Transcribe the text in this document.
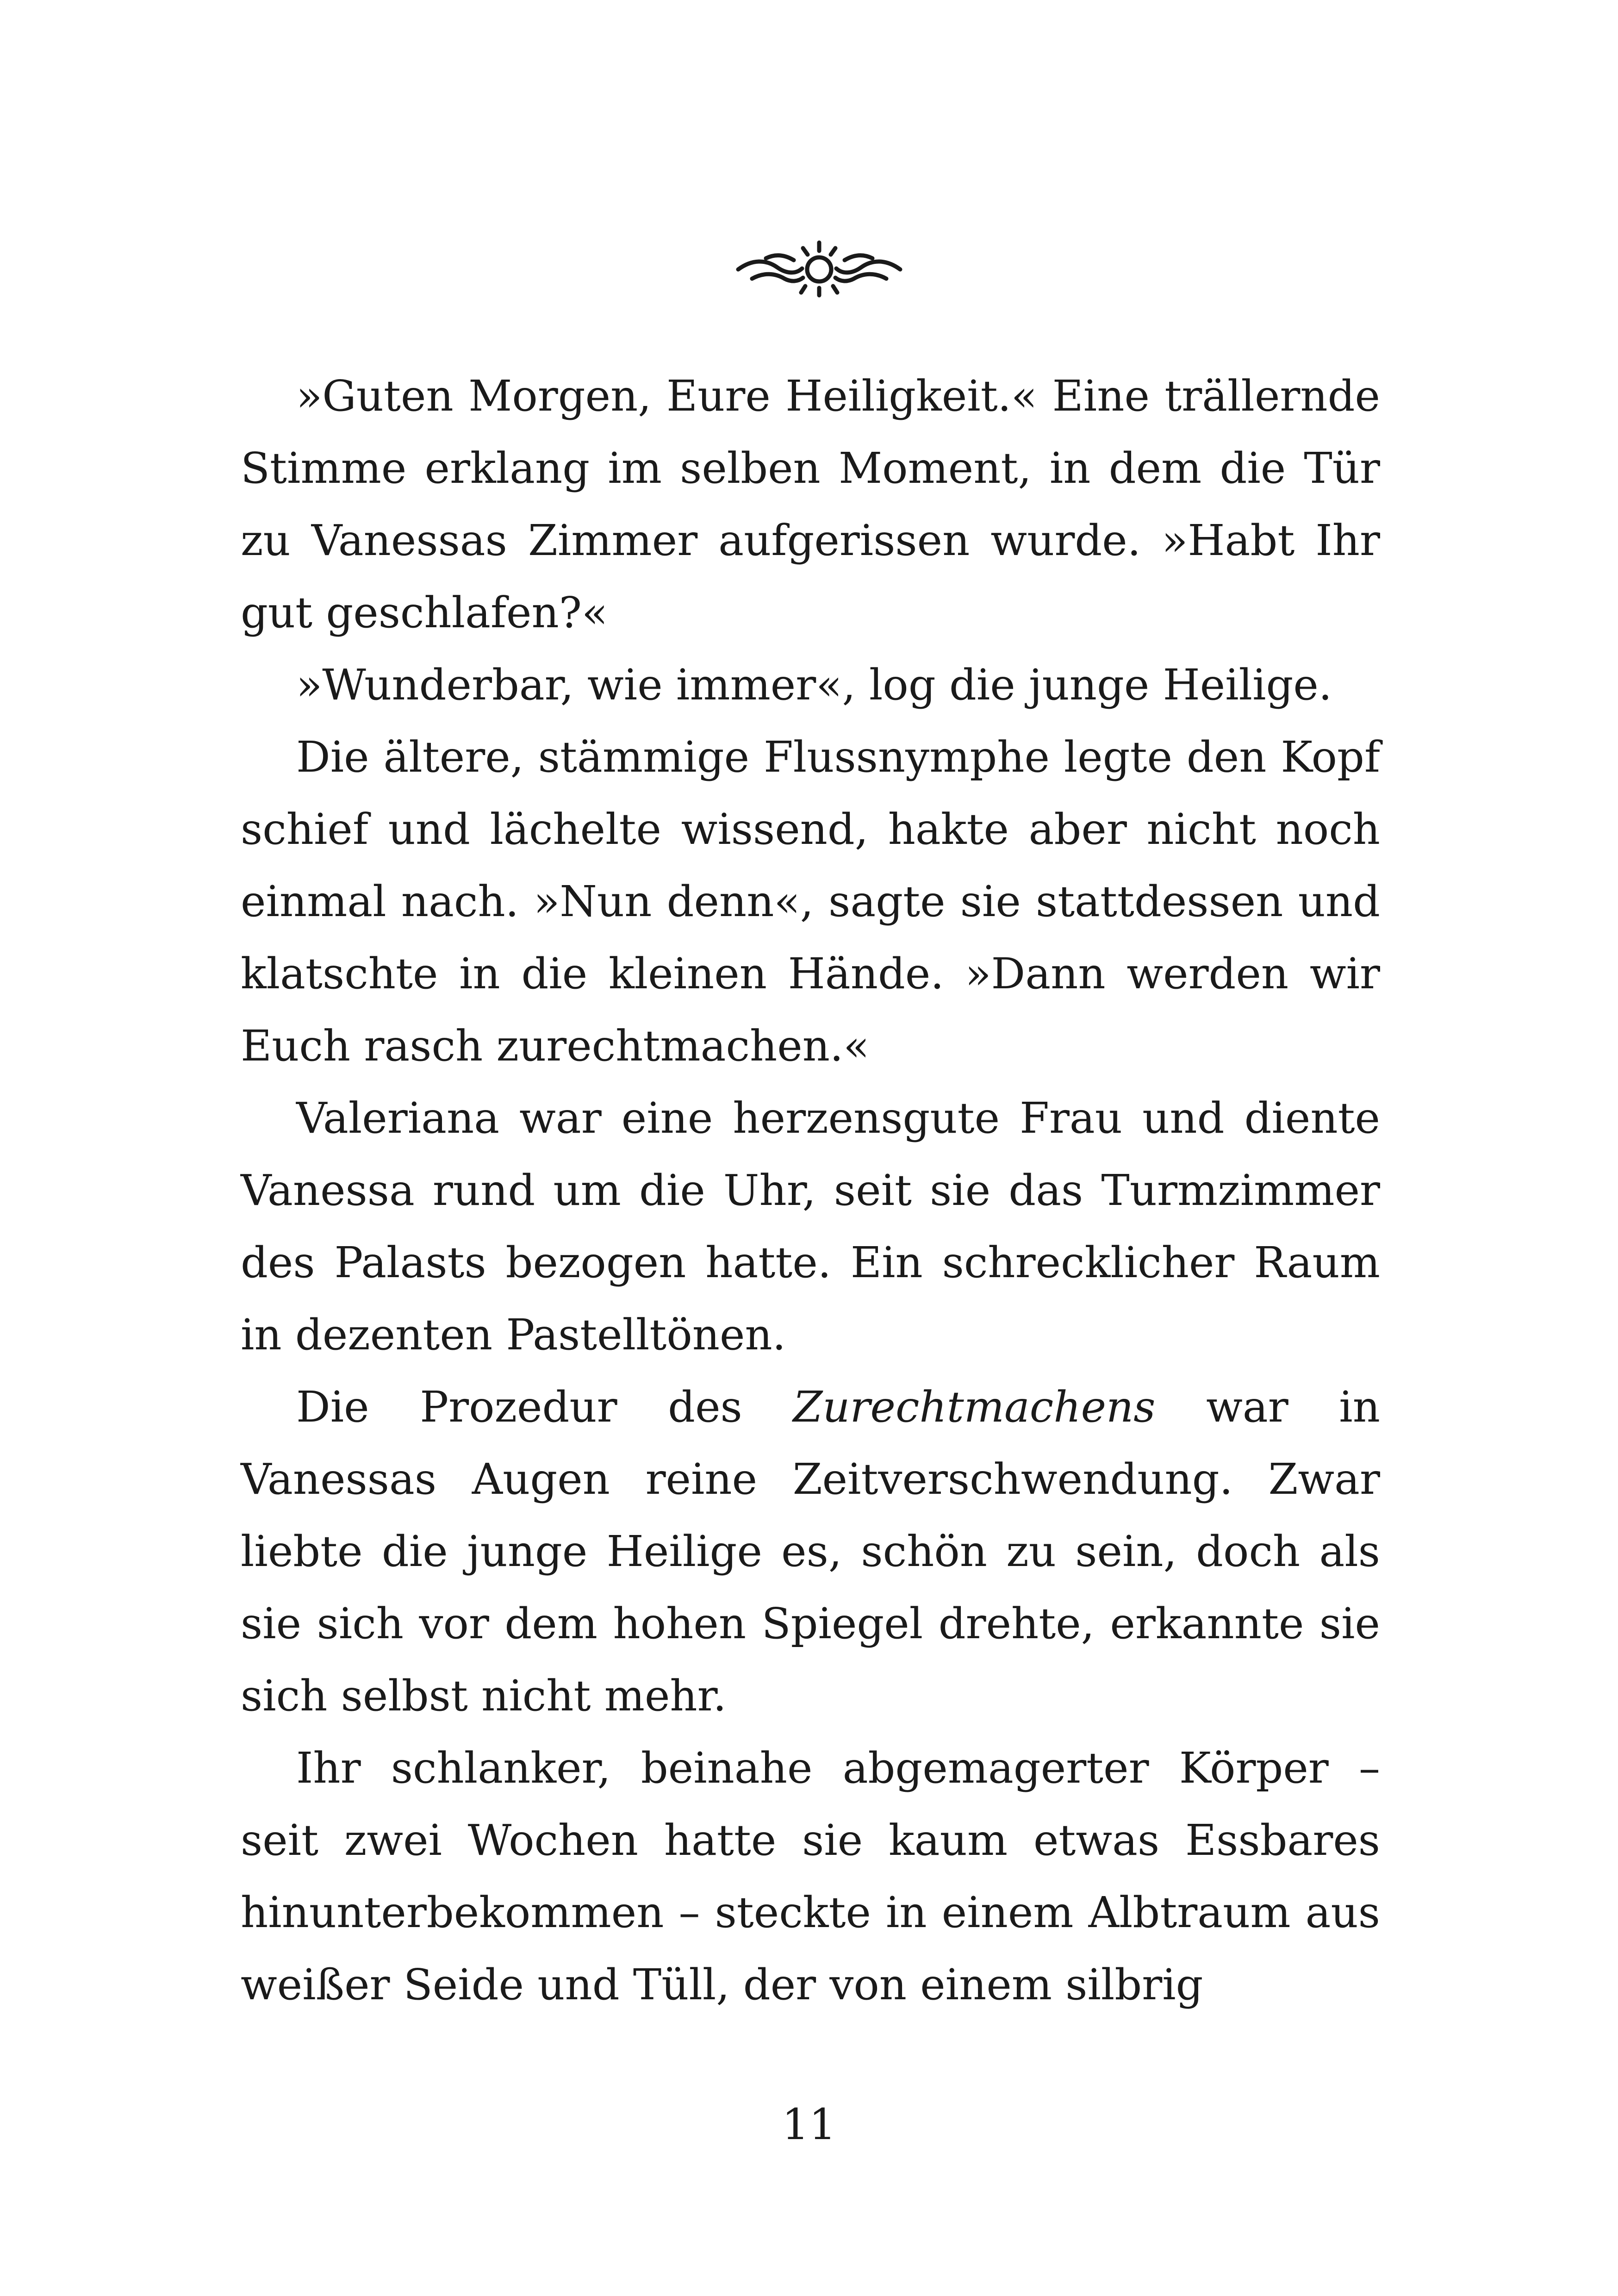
»Guten Morgen, Eure Heiligkeit.« Eine trällernde Stimme erklang im selben Moment, in dem die Tür zu Vanessas Zimmer aufgerissen wurde. »Habt Ihr gut geschlafen?«

»Wunderbar, wie immer«, log die junge Heilige.

Die ältere, stämmige Flussnymphe legte den Kopf schief und lächelte wissend, hakte aber nicht noch einmal nach. »Nun denn«, sagte sie stattdessen und klatschte in die kleinen Hände. »Dann werden wir Euch rasch zurechtmachen.«

Valeriana war eine herzensgute Frau und diente Vanessa rund um die Uhr, seit sie das Turmzimmer des Palasts bezogen hatte. Ein schrecklicher Raum in dezenten Pastelltönen.

Die Prozedur des Zurechtmachens war in Vanessas Augen reine Zeitverschwendung. Zwar liebte die junge Heilige es, schön zu sein, doch als sie sich vor dem hohen Spiegel drehte, erkannte sie sich selbst nicht mehr.

Ihr schlanker, beinahe abgemagerter Körper – seit zwei Wochen hatte sie kaum etwas Essbares hinunterbekommen – steckte in einem Albtraum aus weißer Seide und Tüll, der von einem silbrig

11
